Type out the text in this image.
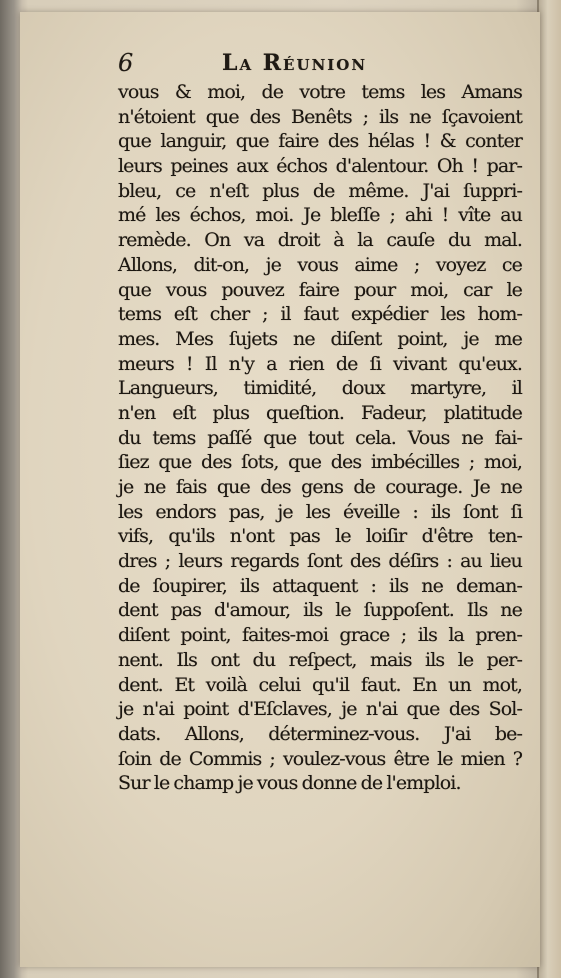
6	La Réunion
vous & moi, de votre tems les Amans
n'étoient que des Benêts ; ils ne ſçavoient
que languir, que faire des hélas ! & conter
leurs peines aux échos d'alentour. Oh ! par-
bleu, ce n'eſt plus de même. J'ai ſuppri-
mé les échos, moi. Je bleſſe ; ahi ! vîte au
remède. On va droit à la cauſe du mal.
Allons, dit-on, je vous aime ; voyez ce
que vous pouvez faire pour moi, car le
tems eſt cher ; il faut expédier les hom-
mes. Mes ſujets ne diſent point, je me
meurs ! Il n'y a rien de ſi vivant qu'eux.
Langueurs, timidité, doux martyre, il
n'en eſt plus queſtion. Fadeur, platitude
du tems paſſé que tout cela. Vous ne fai-
ſiez que des ſots, que des imbécilles ; moi,
je ne fais que des gens de courage. Je ne
les endors pas, je les éveille : ils ſont ſi
vifs, qu'ils n'ont pas le loiſir d'être ten-
dres ; leurs regards ſont des déſirs : au lieu
de ſoupirer, ils attaquent : ils ne deman-
dent pas d'amour, ils le ſuppoſent. Ils ne
diſent point, faites-moi grace ; ils la pren-
nent. Ils ont du reſpect, mais ils le per-
dent. Et voilà celui qu'il faut. En un mot,
je n'ai point d'Eſclaves, je n'ai que des Sol-
dats. Allons, déterminez-vous. J'ai be-
ſoin de Commis ; voulez-vous être le mien ?
Sur le champ je vous donne de l'emploi.
